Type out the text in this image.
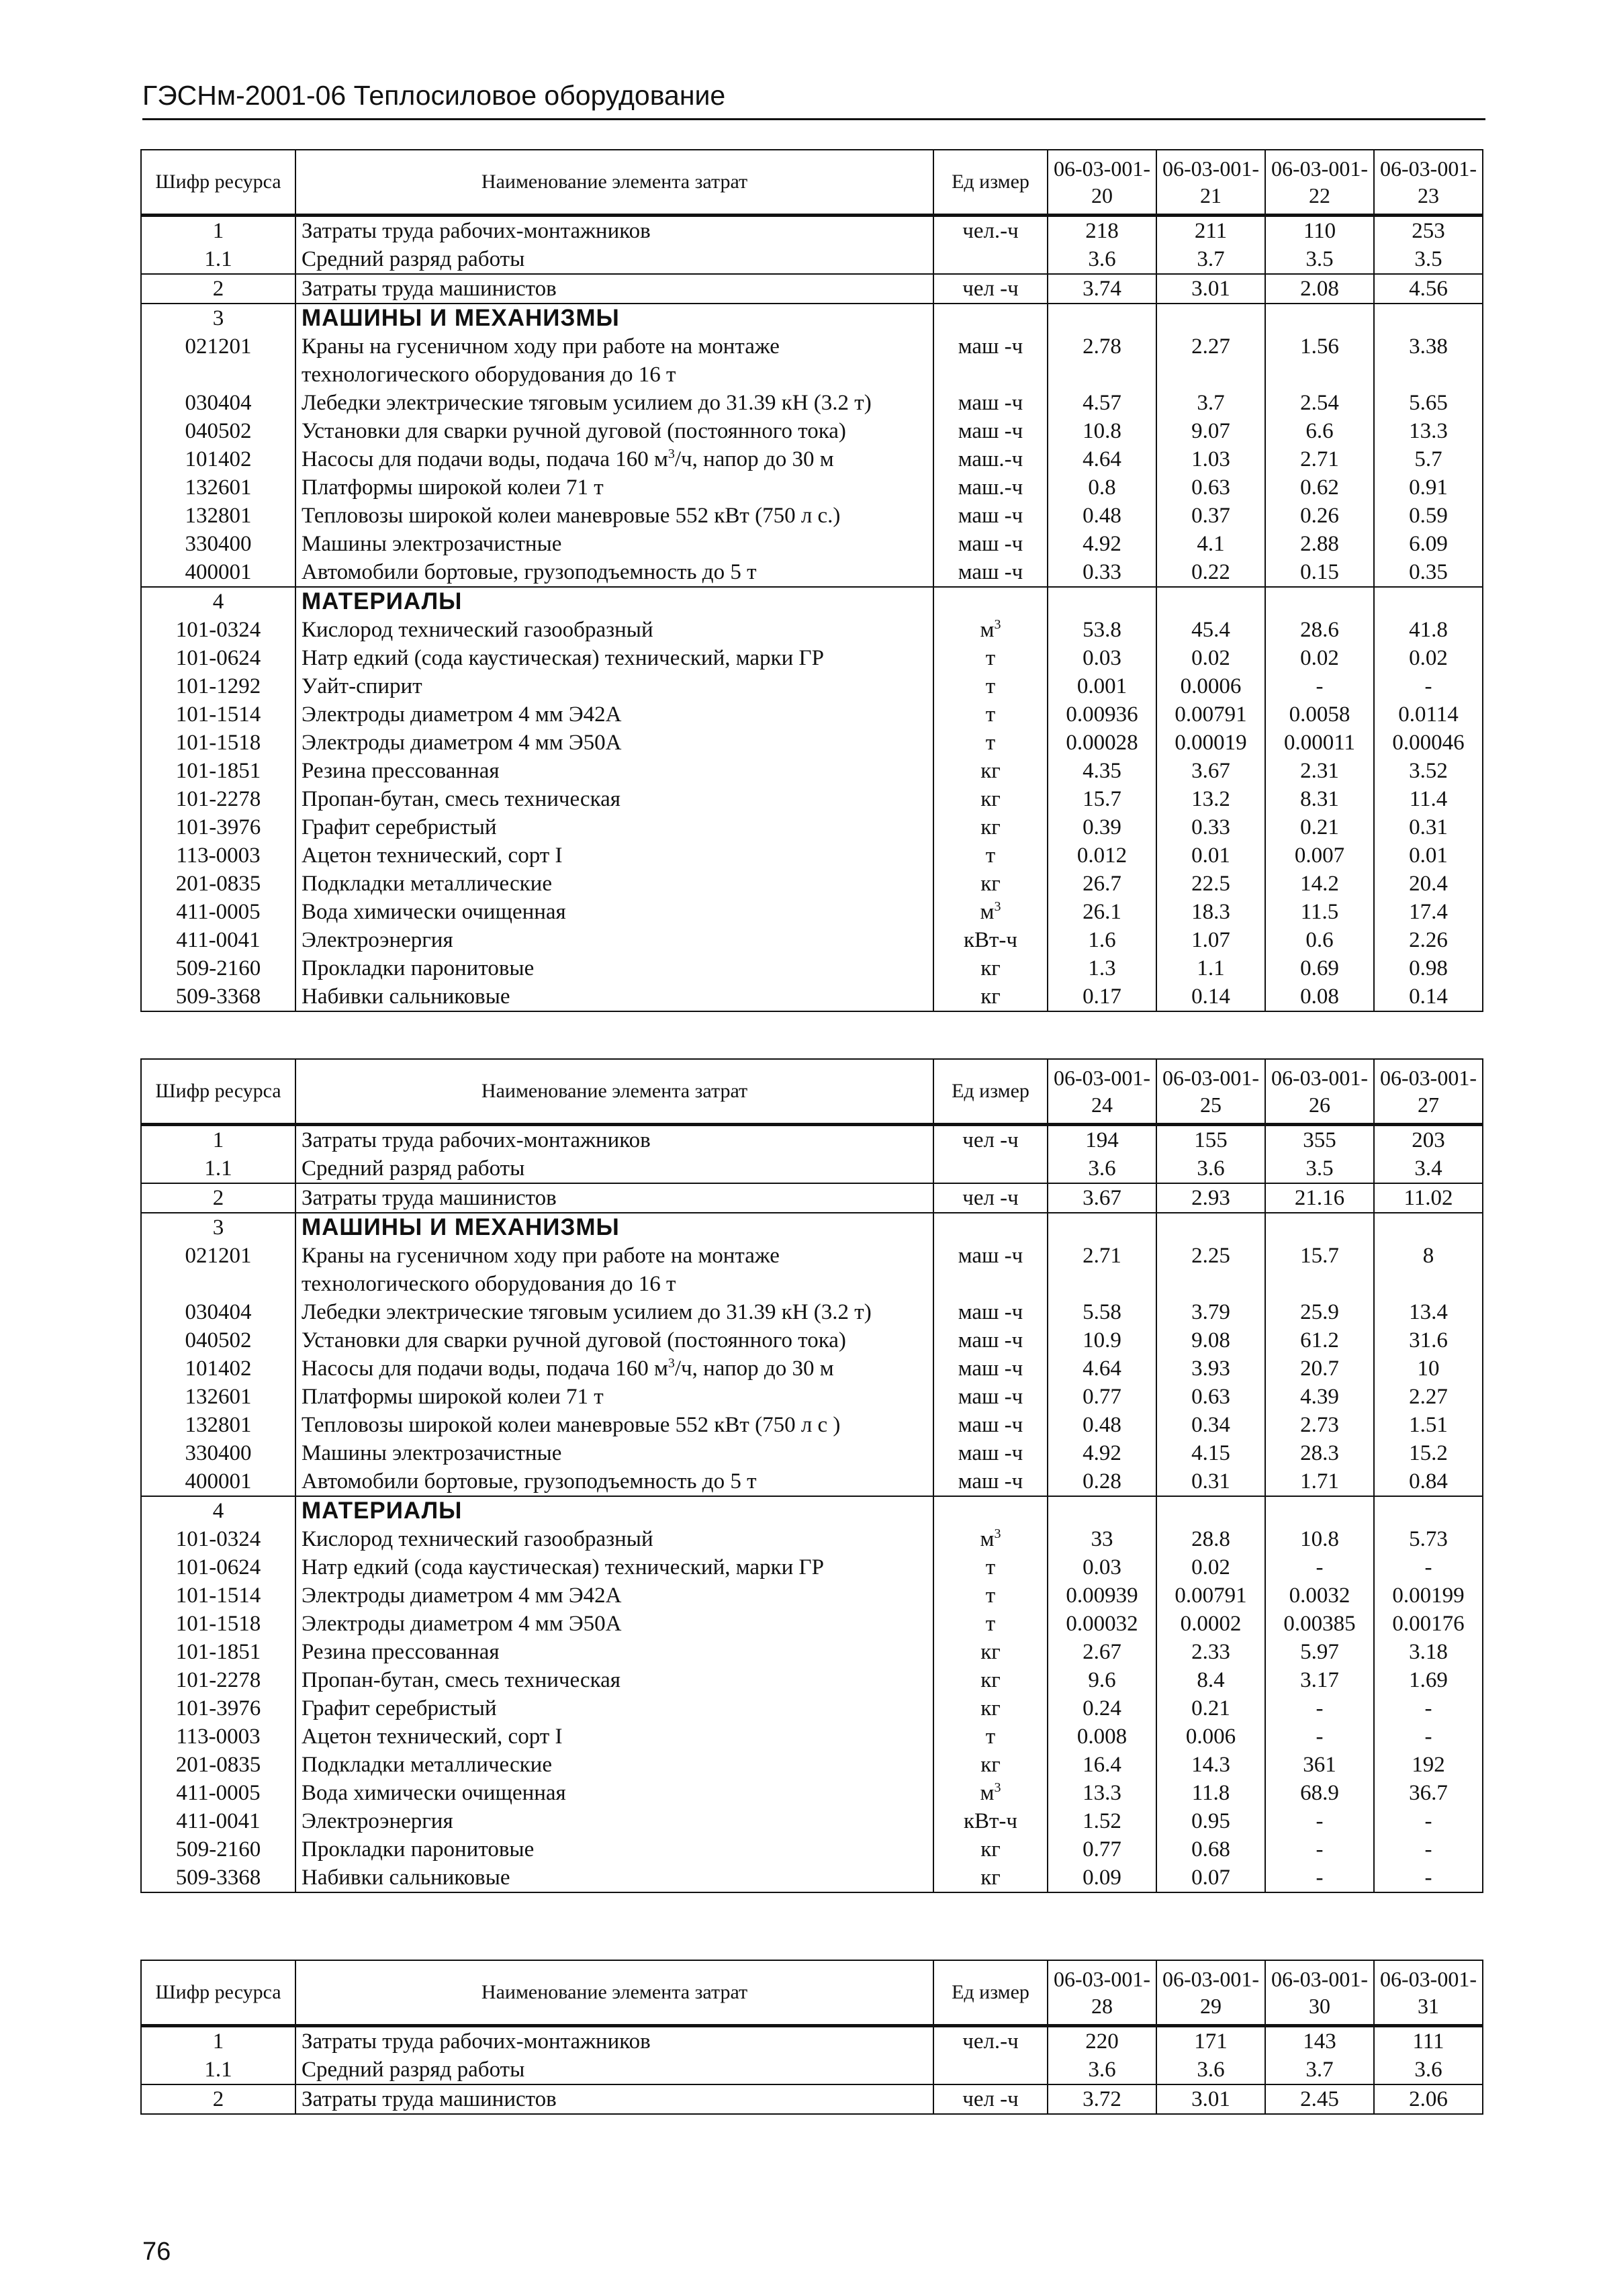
ГЭСНм-2001-06 Теплосиловое оборудование
Шифр ресурса	Наименование элемента затрат	Ед измер	06-03-001-20	06-03-001-21	06-03-001-22	06-03-001-23
1	Затраты труда рабочих-монтажников	чел.-ч	218	211	110	253
1.1	Средний разряд работы		3.6	3.7	3.5	3.5
2	Затраты труда машинистов	чел -ч	3.74	3.01	2.08	4.56
3	МАШИНЫ И МЕХАНИЗМЫ					
021201	Краны на гусеничном ходу при работе на монтаже технологического оборудования до 16 т	маш -ч	2.78	2.27	1.56	3.38
030404	Лебедки электрические тяговым усилием до 31.39 кН (3.2 т)	маш -ч	4.57	3.7	2.54	5.65
040502	Установки для сварки ручной дуговой (постоянного тока)	маш -ч	10.8	9.07	6.6	13.3
101402	Насосы для подачи воды, подача 160 $м^3/ч$, напор до 30 м	маш.-ч	4.64	1.03	2.71	5.7
132601	Платформы широкой колеи 71 т	маш.-ч	0.8	0.63	0.62	0.91
132801	Тепловозы широкой колеи маневровые 552 кВт (750 л с.)	маш -ч	0.48	0.37	0.26	0.59
330400	Машины электрозачистные	маш -ч	4.92	4.1	2.88	6.09
400001	Автомобили бортовые, грузоподъемность до 5 т	маш -ч	0.33	0.22	0.15	0.35
4	МАТЕРИАЛЫ					
101-0324	Кислород технический газообразный	$м^3$	53.8	45.4	28.6	41.8
101-0624	Натр едкий (сода каустическая) технический, марки ГР	т	0.03	0.02	0.02	0.02
101-1292	Уайт-спирит	т	0.001	0.0006	-	-
101-1514	Электроды диаметром 4 мм Э42А	т	0.00936	0.00791	0.0058	0.0114
101-1518	Электроды диаметром 4 мм Э50А	т	0.00028	0.00019	0.00011	0.00046
101-1851	Резина прессованная	кг	4.35	3.67	2.31	3.52
101-2278	Пропан-бутан, смесь техническая	кг	15.7	13.2	8.31	11.4
101-3976	Графит серебристый	кг	0.39	0.33	0.21	0.31
113-0003	Ацетон технический, сорт I	т	0.012	0.01	0.007	0.01
201-0835	Подкладки металлические	кг	26.7	22.5	14.2	20.4
411-0005	Вода химически очищенная	$м^3$	26.1	18.3	11.5	17.4
411-0041	Электроэнергия	кВт-ч	1.6	1.07	0.6	2.26
509-2160	Прокладки паронитовые	кг	1.3	1.1	0.69	0.98
509-3368	Набивки сальниковые	кг	0.17	0.14	0.08	0.14
Шифр ресурса	Наименование элемента затрат	Ед измер	06-03-001-24	06-03-001-25	06-03-001-26	06-03-001-27
1	Затраты труда рабочих-монтажников	чел -ч	194	155	355	203
1.1	Средний разряд работы		3.6	3.6	3.5	3.4
2	Затраты труда машинистов	чел -ч	3.67	2.93	21.16	11.02
3	МАШИНЫ И МЕХАНИЗМЫ					
021201	Краны на гусеничном ходу при работе на монтаже технологического оборудования до 16 т	маш -ч	2.71	2.25	15.7	8
030404	Лебедки электрические тяговым усилием до 31.39 кН (3.2 т)	маш -ч	5.58	3.79	25.9	13.4
040502	Установки для сварки ручной дуговой (постоянного тока)	маш -ч	10.9	9.08	61.2	31.6
101402	Насосы для подачи воды, подача 160 $м^3/ч$, напор до 30 м	маш -ч	4.64	3.93	20.7	10
132601	Платформы широкой колеи 71 т	маш -ч	0.77	0.63	4.39	2.27
132801	Тепловозы широкой колеи маневровые 552 кВт (750 л с )	маш -ч	0.48	0.34	2.73	1.51
330400	Машины электрозачистные	маш -ч	4.92	4.15	28.3	15.2
400001	Автомобили бортовые, грузоподъемность до 5 т	маш -ч	0.28	0.31	1.71	0.84
4	МАТЕРИАЛЫ					
101-0324	Кислород технический газообразный	$м^3$	33	28.8	10.8	5.73
101-0624	Натр едкий (сода каустическая) технический, марки ГР	т	0.03	0.02	-	-
101-1514	Электроды диаметром 4 мм Э42А	т	0.00939	0.00791	0.0032	0.00199
101-1518	Электроды диаметром 4 мм Э50А	т	0.00032	0.0002	0.00385	0.00176
101-1851	Резина прессованная	кг	2.67	2.33	5.97	3.18
101-2278	Пропан-бутан, смесь техническая	кг	9.6	8.4	3.17	1.69
101-3976	Графит серебристый	кг	0.24	0.21	-	-
113-0003	Ацетон технический, сорт I	т	0.008	0.006	-	-
201-0835	Подкладки металлические	кг	16.4	14.3	361	192
411-0005	Вода химически очищенная	$м^3$	13.3	11.8	68.9	36.7
411-0041	Электроэнергия	кВт-ч	1.52	0.95	-	-
509-2160	Прокладки паронитовые	кг	0.77	0.68	-	-
509-3368	Набивки сальниковые	кг	0.09	0.07	-	-
Шифр ресурса	Наименование элемента затрат	Ед измер	06-03-001-28	06-03-001-29	06-03-001-30	06-03-001-31
1	Затраты труда рабочих-монтажников	чел.-ч	220	171	143	111
1.1	Средний разряд работы		3.6	3.6	3.7	3.6
2	Затраты труда машинистов	чел -ч	3.72	3.01	2.45	2.06
76
